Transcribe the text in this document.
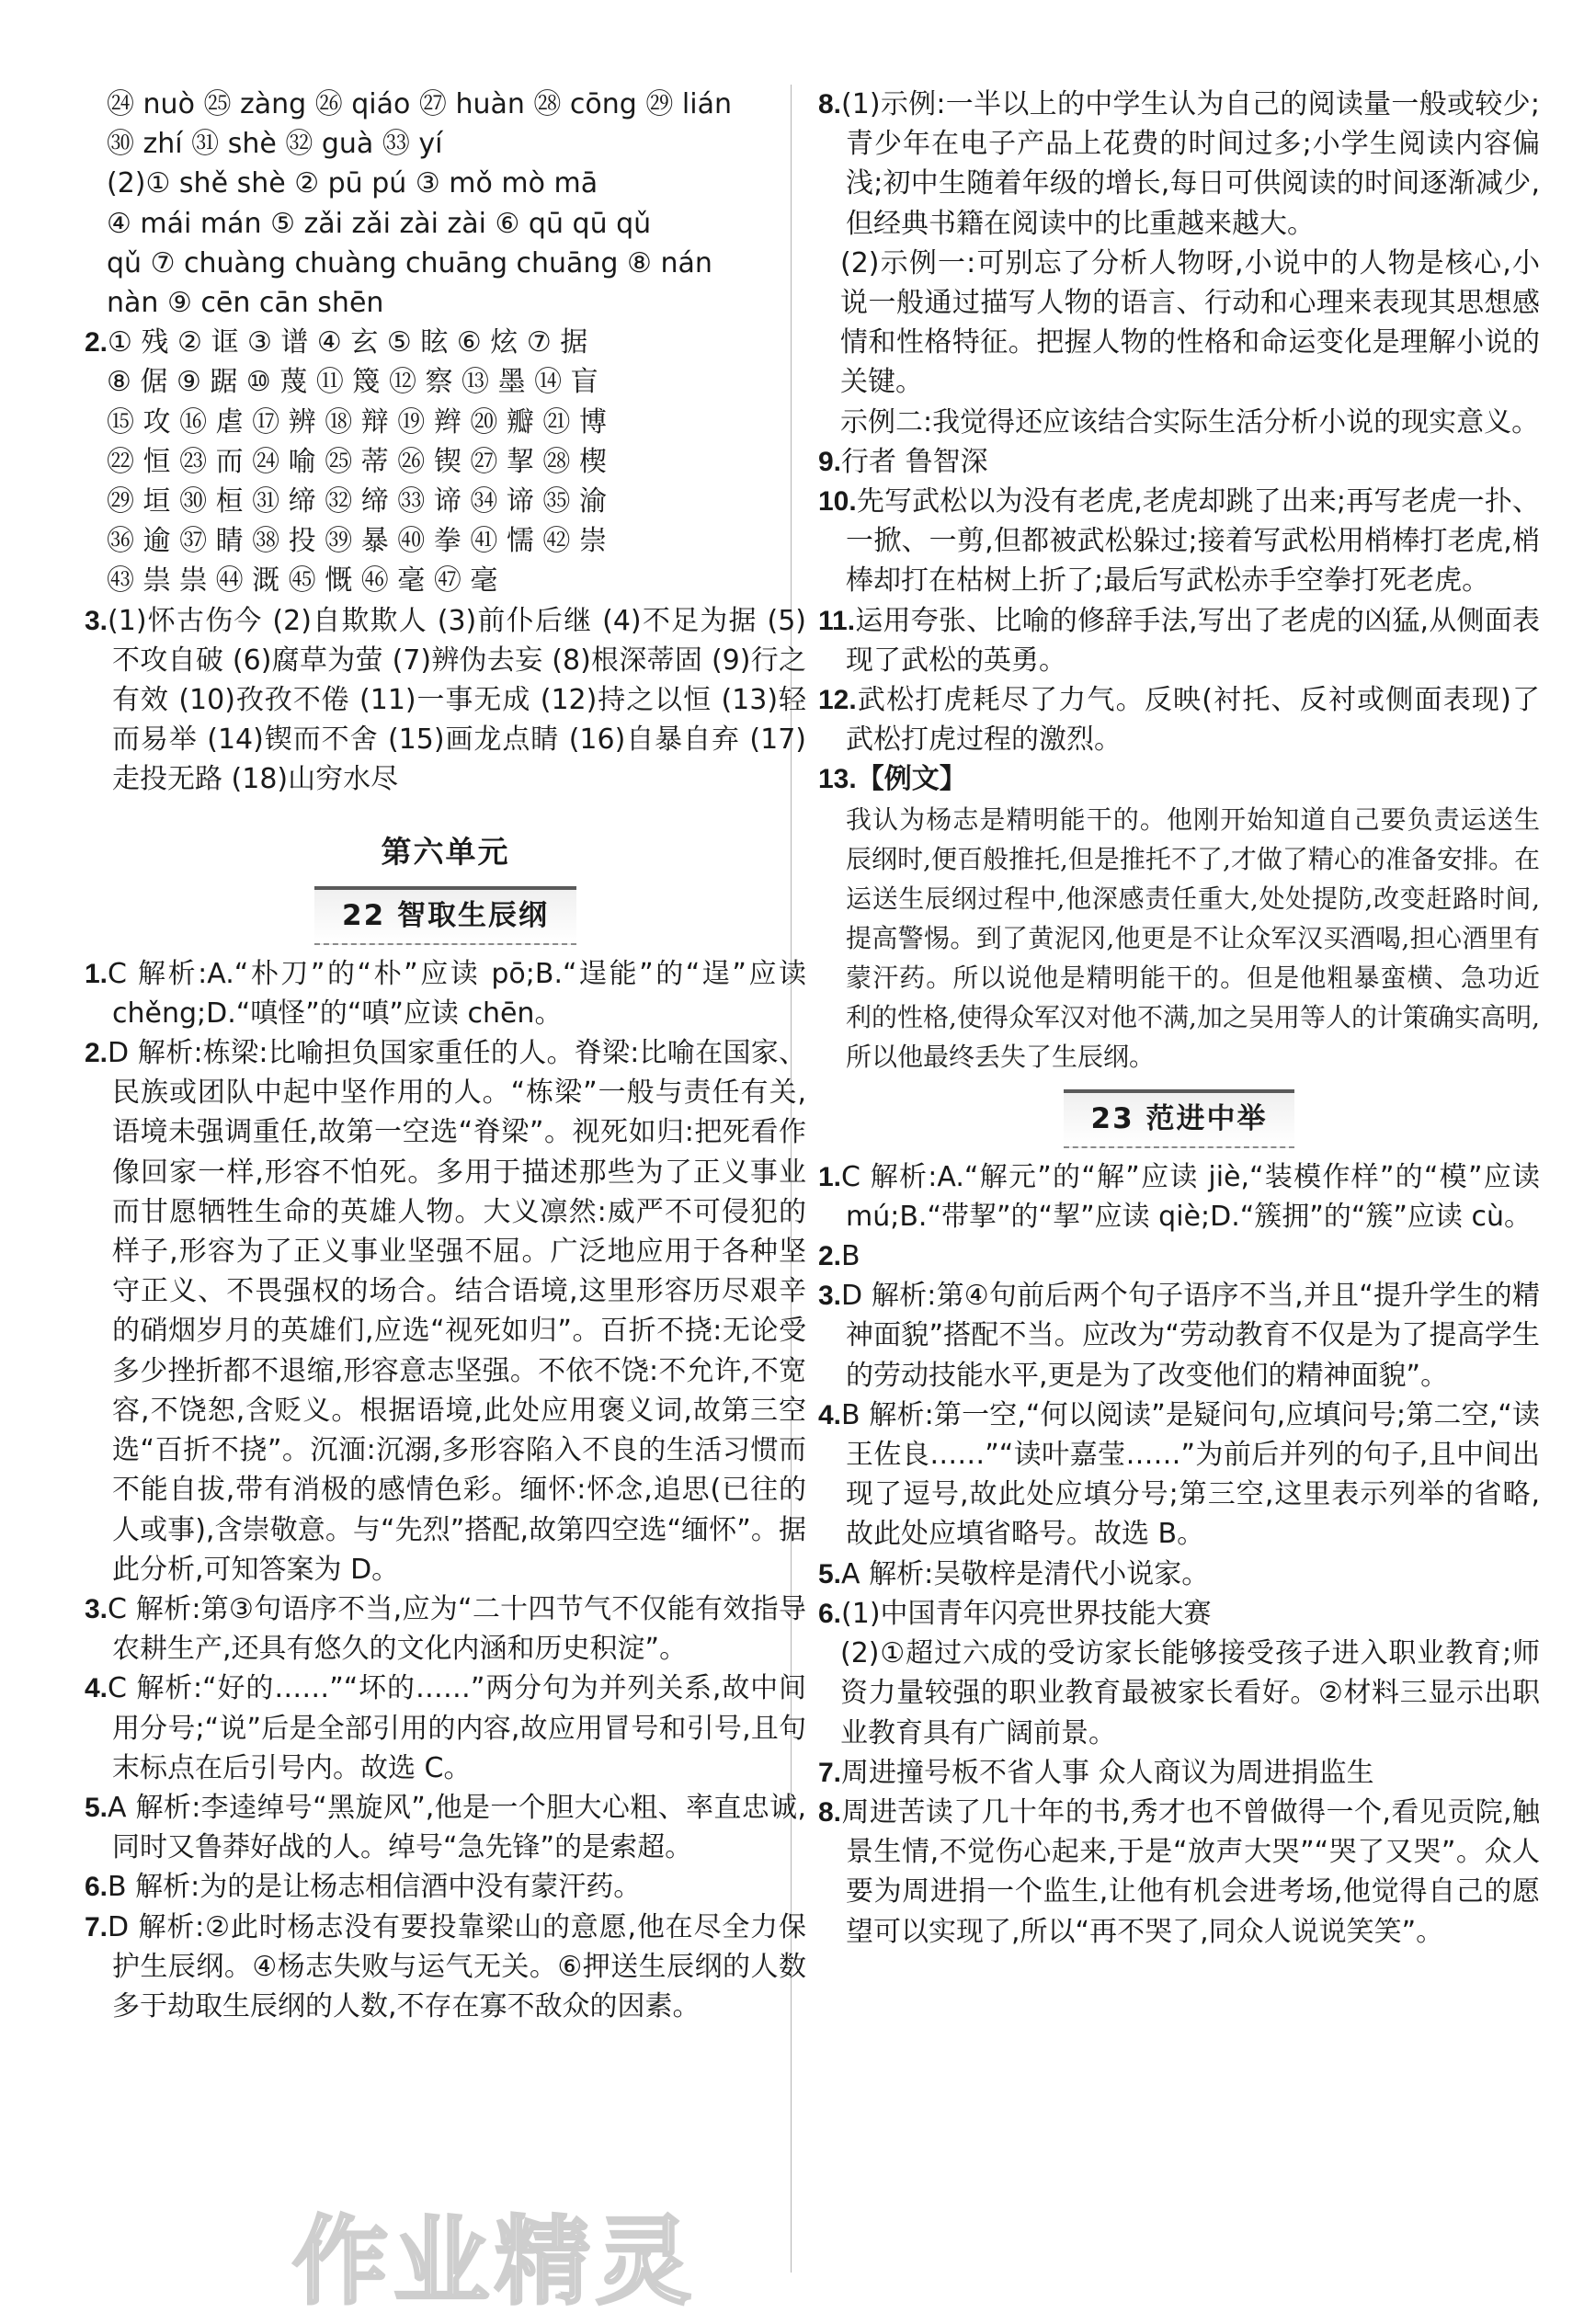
㉔ nuò ㉕ zàng ㉖ qiáo ㉗ huàn ㉘ cōng ㉙ lián

㉚ zhí ㉛ shè ㉜ guà ㉝ yí

(2)① shě shè ② pū pú ③ mǒ mò mā

④ mái mán ⑤ zǎi zǎi zài zài ⑥ qū qū qǔ

qǔ ⑦ chuàng chuàng chuāng chuāng ⑧ nán

nàn ⑨ cēn cān shēn

2.① 残 ② 诓 ③ 谱 ④ 玄 ⑤ 眩 ⑥ 炫 ⑦ 据

⑧ 倨 ⑨ 踞 ⑩ 蔑 ⑪ 篾 ⑫ 察 ⑬ 墨 ⑭ 盲

⑮ 攻 ⑯ 虐 ⑰ 辨 ⑱ 辩 ⑲ 辫 ⑳ 瓣 ㉑ 博

㉒ 恒 ㉓ 而 ㉔ 喻 ㉕ 蒂 ㉖ 锲 ㉗ 挈 ㉘ 楔

㉙ 垣 ㉚ 桓 ㉛ 缔 ㉜ 缔 ㉝ 谛 ㉞ 谛 ㉟ 渝

㊱ 逾 ㊲ 睛 ㊳ 投 ㊴ 暴 ㊵ 拳 ㊶ 懦 ㊷ 崇

㊸ 祟 祟 ㊹ 溉 ㊺ 慨 ㊻ 毫 ㊼ 毫

3.(1)怀古伤今 (2)自欺欺人 (3)前仆后继 (4)不足为据 (5)不攻自破 (6)腐草为萤 (7)辨伪去妄 (8)根深蒂固 (9)行之有效 (10)孜孜不倦 (11)一事无成 (12)持之以恒 (13)轻而易举 (14)锲而不舍 (15)画龙点睛 (16)自暴自弃 (17)走投无路 (18)山穷水尽

第六单元
22 智取生辰纲

1.C 解析:A.“朴刀”的“朴”应读 pō;B.“逞能”的“逞”应读 chěng;D.“嗔怪”的“嗔”应读 chēn。

2.D 解析:栋梁:比喻担负国家重任的人。脊梁:比喻在国家、民族或团队中起中坚作用的人。“栋梁”一般与责任有关,语境未强调重任,故第一空选“脊梁”。视死如归:把死看作像回家一样,形容不怕死。多用于描述那些为了正义事业而甘愿牺牲生命的英雄人物。大义凛然:威严不可侵犯的样子,形容为了正义事业坚强不屈。广泛地应用于各种坚守正义、不畏强权的场合。结合语境,这里形容历尽艰辛的硝烟岁月的英雄们,应选“视死如归”。百折不挠:无论受多少挫折都不退缩,形容意志坚强。不依不饶:不允许,不宽容,不饶恕,含贬义。根据语境,此处应用褒义词,故第三空选“百折不挠”。沉湎:沉溺,多形容陷入不良的生活习惯而不能自拔,带有消极的感情色彩。缅怀:怀念,追思(已往的人或事),含崇敬意。与“先烈”搭配,故第四空选“缅怀”。据此分析,可知答案为 D。

3.C 解析:第③句语序不当,应为“二十四节气不仅能有效指导农耕生产,还具有悠久的文化内涵和历史积淀”。

4.C 解析:“好的……”“坏的……”两分句为并列关系,故中间用分号;“说”后是全部引用的内容,故应用冒号和引号,且句末标点在后引号内。故选 C。

5.A 解析:李逵绰号“黑旋风”,他是一个胆大心粗、率直忠诚,同时又鲁莽好战的人。绰号“急先锋”的是索超。

6.B 解析:为的是让杨志相信酒中没有蒙汗药。

7.D 解析:②此时杨志没有要投靠梁山的意愿,他在尽全力保护生辰纲。④杨志失败与运气无关。⑥押送生辰纲的人数多于劫取生辰纲的人数,不存在寡不敌众的因素。

8.(1)示例:一半以上的中学生认为自己的阅读量一般或较少;青少年在电子产品上花费的时间过多;小学生阅读内容偏浅;初中生随着年级的增长,每日可供阅读的时间逐渐减少,但经典书籍在阅读中的比重越来越大。

(2)示例一:可别忘了分析人物呀,小说中的人物是核心,小说一般通过描写人物的语言、行动和心理来表现其思想感情和性格特征。把握人物的性格和命运变化是理解小说的关键。

示例二:我觉得还应该结合实际生活分析小说的现实意义。

9.行者 鲁智深

10.先写武松以为没有老虎,老虎却跳了出来;再写老虎一扑、一掀、一剪,但都被武松躲过;接着写武松用梢棒打老虎,梢棒却打在枯树上折了;最后写武松赤手空拳打死老虎。

11.运用夸张、比喻的修辞手法,写出了老虎的凶猛,从侧面表现了武松的英勇。

12.武松打虎耗尽了力气。反映(衬托、反衬或侧面表现)了武松打虎过程的激烈。

13.【例文】

我认为杨志是精明能干的。他刚开始知道自己要负责运送生辰纲时,便百般推托,但是推托不了,才做了精心的准备安排。在运送生辰纲过程中,他深感责任重大,处处提防,改变赶路时间,提高警惕。到了黄泥冈,他更是不让众军汉买酒喝,担心酒里有蒙汗药。所以说他是精明能干的。但是他粗暴蛮横、急功近利的性格,使得众军汉对他不满,加之吴用等人的计策确实高明,所以他最终丢失了生辰纲。
23 范进中举

1.C 解析:A.“解元”的“解”应读 jiè,“装模作样”的“模”应读 mú;B.“带挈”的“挈”应读 qiè;D.“簇拥”的“簇”应读 cù。

2.B

3.D 解析:第④句前后两个句子语序不当,并且“提升学生的精神面貌”搭配不当。应改为“劳动教育不仅是为了提高学生的劳动技能水平,更是为了改变他们的精神面貌”。

4.B 解析:第一空,“何以阅读”是疑问句,应填问号;第二空,“读王佐良……”“读叶嘉莹……”为前后并列的句子,且中间出现了逗号,故此处应填分号;第三空,这里表示列举的省略,故此处应填省略号。故选 B。

5.A 解析:吴敬梓是清代小说家。

6.(1)中国青年闪亮世界技能大赛

(2)①超过六成的受访家长能够接受孩子进入职业教育;师资力量较强的职业教育最被家长看好。②材料三显示出职业教育具有广阔前景。

7.周进撞号板不省人事 众人商议为周进捐监生

8.周进苦读了几十年的书,秀才也不曾做得一个,看见贡院,触景生情,不觉伤心起来,于是“放声大哭”“哭了又哭”。众人要为周进捐一个监生,让他有机会进考场,他觉得自己的愿望可以实现了,所以“再不哭了,同众人说说笑笑”。

作业精灵
